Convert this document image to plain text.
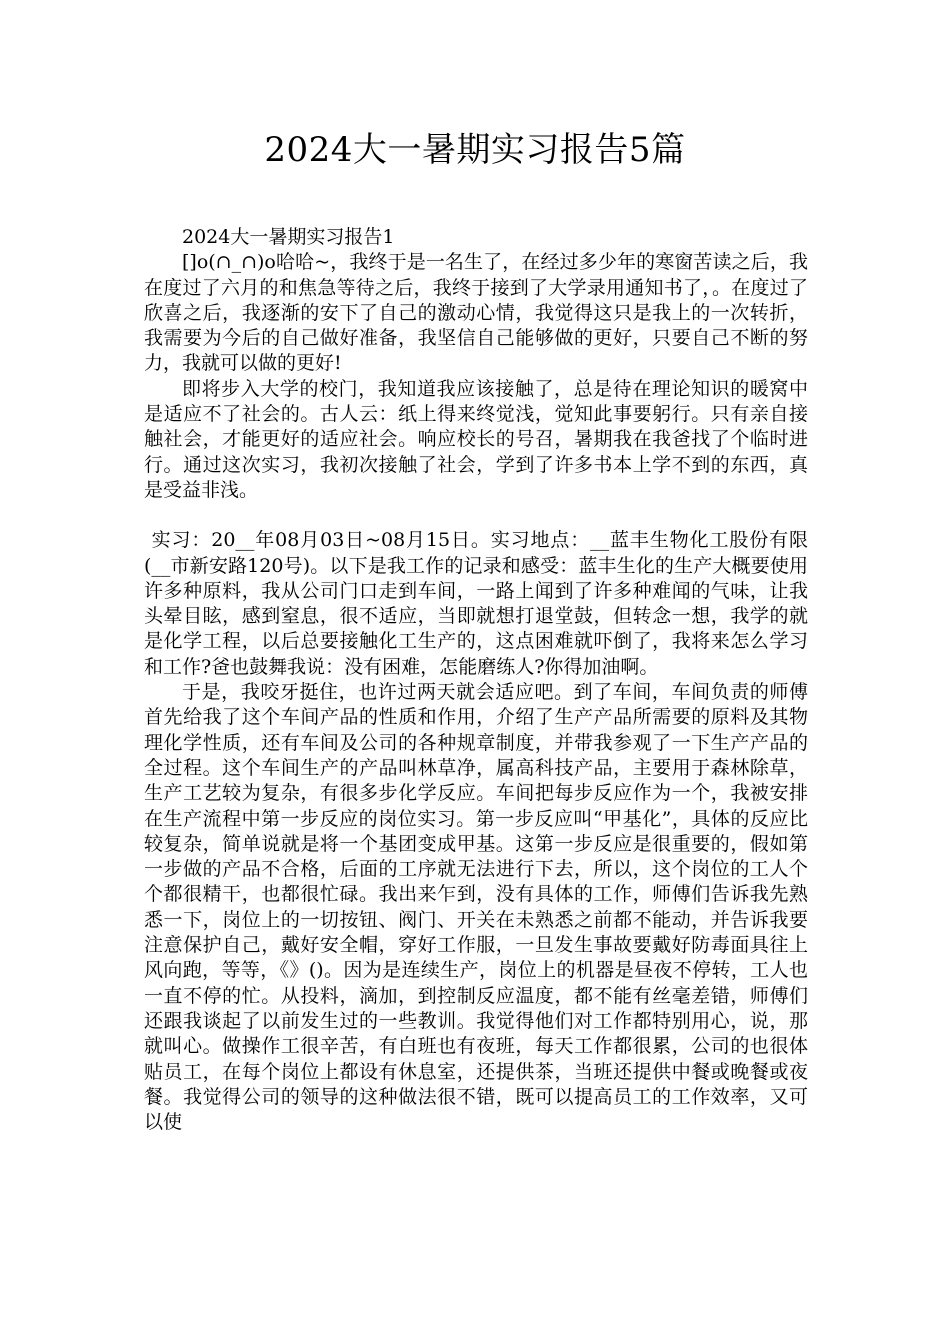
2024大一暑期实习报告5篇

2024大一暑期实习报告1

[]o(∩_∩)o哈哈~，我终于是一名生了，在经过多少年的寒窗苦读之后，我在度过了六月的和焦急等待之后，我终于接到了大学录用通知书了，。在度过了欣喜之后，我逐渐的安下了自己的激动心情，我觉得这只是我上的一次转折，我需要为今后的自己做好准备，我坚信自己能够做的更好，只要自己不断的努力，我就可以做的更好!

即将步入大学的校门，我知道我应该接触了，总是待在理论知识的暖窝中是适应不了社会的。古人云：纸上得来终觉浅，觉知此事要躬行。只有亲自接触社会，才能更好的适应社会。响应校长的号召，暑期我在我爸找了个临时进行。通过这次实习，我初次接触了社会，学到了许多书本上学不到的东西，真是受益非浅。

实习：20__年08月03日~08月15日。实习地点：__蓝丰生物化工股份有限(__市新安路120号)。以下是我工作的记录和感受：蓝丰生化的生产大概要使用许多种原料，我从公司门口走到车间，一路上闻到了许多种难闻的气味，让我头晕目眩，感到窒息，很不适应，当即就想打退堂鼓，但转念一想，我学的就是化学工程，以后总要接触化工生产的，这点困难就吓倒了，我将来怎么学习和工作?爸也鼓舞我说：没有困难，怎能磨练人?你得加油啊。

于是，我咬牙挺住，也许过两天就会适应吧。到了车间，车间负责的师傅首先给我了这个车间产品的性质和作用，介绍了生产产品所需要的原料及其物理化学性质，还有车间及公司的各种规章制度，并带我参观了一下生产产品的全过程。这个车间生产的产品叫林草净，属高科技产品，主要用于森林除草，生产工艺较为复杂，有很多步化学反应。车间把每步反应作为一个，我被安排在生产流程中第一步反应的岗位实习。第一步反应叫“甲基化”，具体的反应比较复杂，简单说就是将一个基团变成甲基。这第一步反应是很重要的，假如第一步做的产品不合格，后面的工序就无法进行下去，所以，这个岗位的工人个个都很精干，也都很忙碌。我出来乍到，没有具体的工作，师傅们告诉我先熟悉一下，岗位上的一切按钮、阀门、开关在未熟悉之前都不能动，并告诉我要注意保护自己，戴好安全帽，穿好工作服，一旦发生事故要戴好防毒面具往上风向跑，等等，《》()。因为是连续生产，岗位上的机器是昼夜不停转，工人也一直不停的忙。从投料，滴加，到控制反应温度，都不能有丝毫差错，师傅们还跟我谈起了以前发生过的一些教训。我觉得他们对工作都特别用心，说，那就叫心。做操作工很辛苦，有白班也有夜班，每天工作都很累，公司的也很体贴员工，在每个岗位上都设有休息室，还提供茶，当班还提供中餐或晚餐或夜餐。我觉得公司的领导的这种做法很不错，既可以提高员工的工作效率，又可以使
